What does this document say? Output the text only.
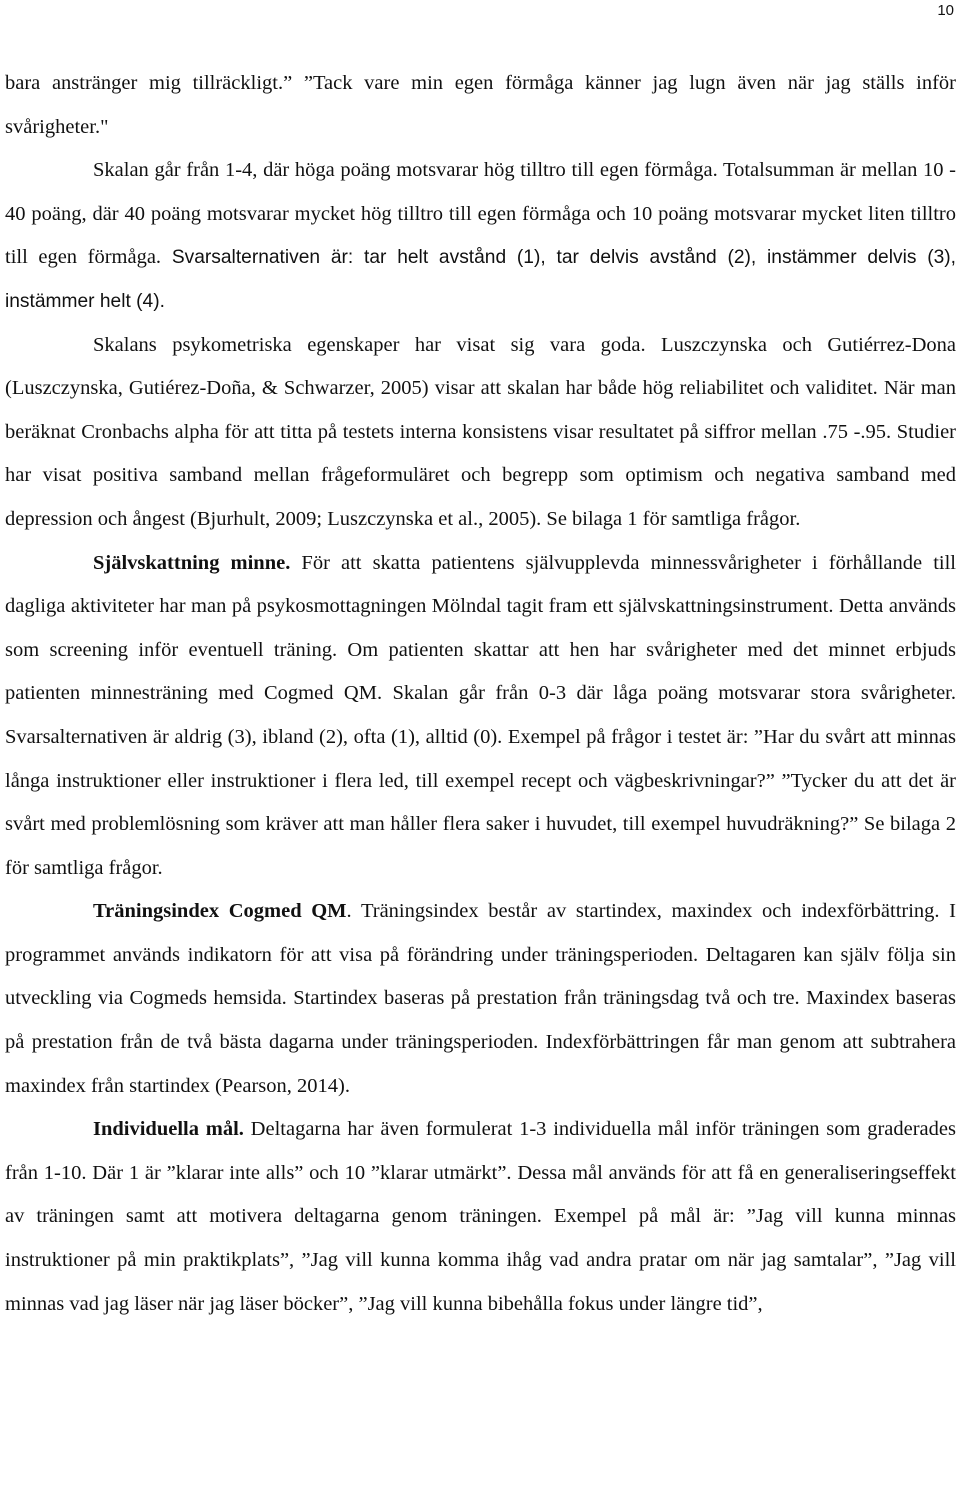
10

bara anstränger mig tillräckligt.” ”Tack vare min egen förmåga känner jag lugn även när jag ställs inför svårigheter."

Skalan går från 1-4, där höga poäng motsvarar hög tilltro till egen förmåga. Totalsumman är mellan 10 - 40 poäng, där 40 poäng motsvarar mycket hög tilltro till egen förmåga och 10 poäng motsvarar mycket liten tilltro till egen förmåga. Svarsalternativen är: tar helt avstånd (1), tar delvis avstånd (2), instämmer delvis (3), instämmer helt (4).

Skalans psykometriska egenskaper har visat sig vara goda. Luszczynska och Gutiérrez-Dona (Luszczynska, Gutiérez-Doña, & Schwarzer, 2005) visar att skalan har både hög reliabilitet och validitet. När man beräknat Cronbachs alpha för att titta på testets interna konsistens visar resultatet på siffror mellan .75 -.95. Studier har visat positiva samband mellan frågeformuläret och begrepp som optimism och negativa samband med depression och ångest (Bjurhult, 2009; Luszczynska et al., 2005). Se bilaga 1 för samtliga frågor.

Självskattning minne. För att skatta patientens självupplevda minnessvårigheter i förhållande till dagliga aktiviteter har man på psykosmottagningen Mölndal tagit fram ett självskattningsinstrument. Detta används som screening inför eventuell träning. Om patienten skattar att hen har svårigheter med det minnet erbjuds patienten minnesträning med Cogmed QM. Skalan går från 0-3 där låga poäng motsvarar stora svårigheter. Svarsalternativen är aldrig (3), ibland (2), ofta (1), alltid (0). Exempel på frågor i testet är: ”Har du svårt att minnas långa instruktioner eller instruktioner i flera led, till exempel recept och vägbeskrivningar?” ”Tycker du att det är svårt med problemlösning som kräver att man håller flera saker i huvudet, till exempel huvudräkning?” Se bilaga 2 för samtliga frågor.

Träningsindex Cogmed QM. Träningsindex består av startindex, maxindex och indexförbättring. I programmet används indikatorn för att visa på förändring under träningsperioden. Deltagaren kan själv följa sin utveckling via Cogmeds hemsida. Startindex baseras på prestation från träningsdag två och tre. Maxindex baseras på prestation från de två bästa dagarna under träningsperioden. Indexförbättringen får man genom att subtrahera maxindex från startindex (Pearson, 2014).

Individuella mål. Deltagarna har även formulerat 1-3 individuella mål inför träningen som graderades från 1-10. Där 1 är ”klarar inte alls” och 10 ”klarar utmärkt”. Dessa mål används för att få en generaliseringseffekt av träningen samt att motivera deltagarna genom träningen. Exempel på mål är: ”Jag vill kunna minnas instruktioner på min praktikplats”, ”Jag vill kunna komma ihåg vad andra pratar om när jag samtalar”, ”Jag vill minnas vad jag läser när jag läser böcker”, ”Jag vill kunna bibehålla fokus under längre tid”,
